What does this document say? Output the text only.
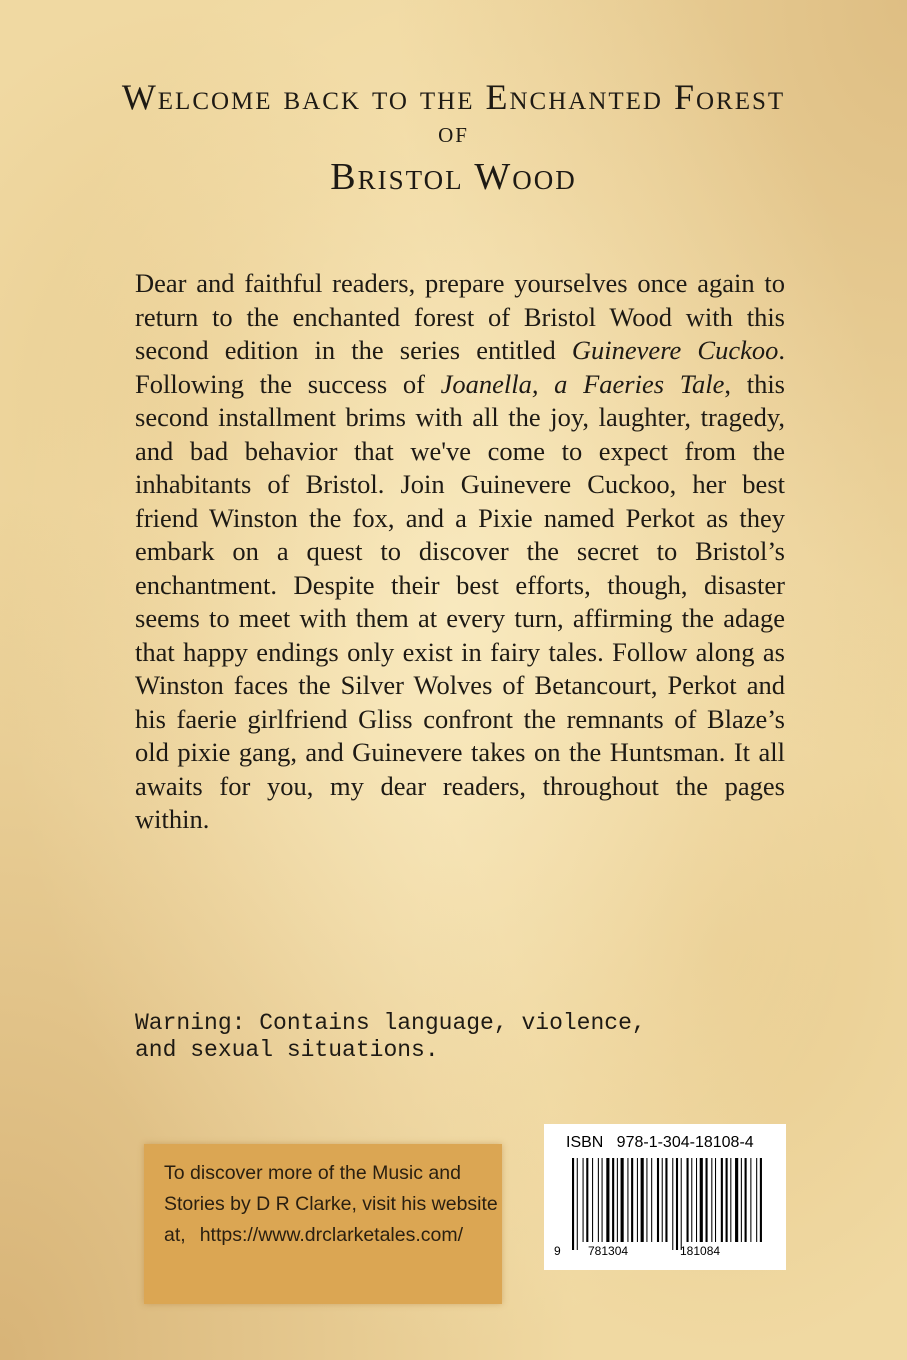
Welcome back to the Enchanted Forest
of
Bristol Wood
Dear and faithful readers, prepare yourselves once again to return to the enchanted forest of Bristol Wood with this second edition in the series entitled Guinevere Cuckoo. Following the success of Joanella, a Faeries Tale, this second installment brims with all the joy, laughter, tragedy, and bad behavior that we've come to expect from the inhabitants of Bristol. Join Guinevere Cuckoo, her best friend Winston the fox, and a Pixie named Perkot as they embark on a quest to discover the secret to Bristol’s enchantment. Despite their best efforts, though, disaster seems to meet with them at every turn, affirming the adage that happy endings only exist in fairy tales. Follow along as Winston faces the Silver Wolves of Betancourt, Perkot and his faerie girlfriend Gliss confront the remnants of Blaze’s old pixie gang, and Guinevere takes on the Huntsman. It all awaits for you, my dear readers, throughout the pages within.
Warning: Contains language, violence,
and sexual situations.
To discover more of the Music and
Stories by D R Clarke, visit his website
at, https://www.drclarketales.com/
ISBN   978-1-304-18108-4
9 781304	181084
